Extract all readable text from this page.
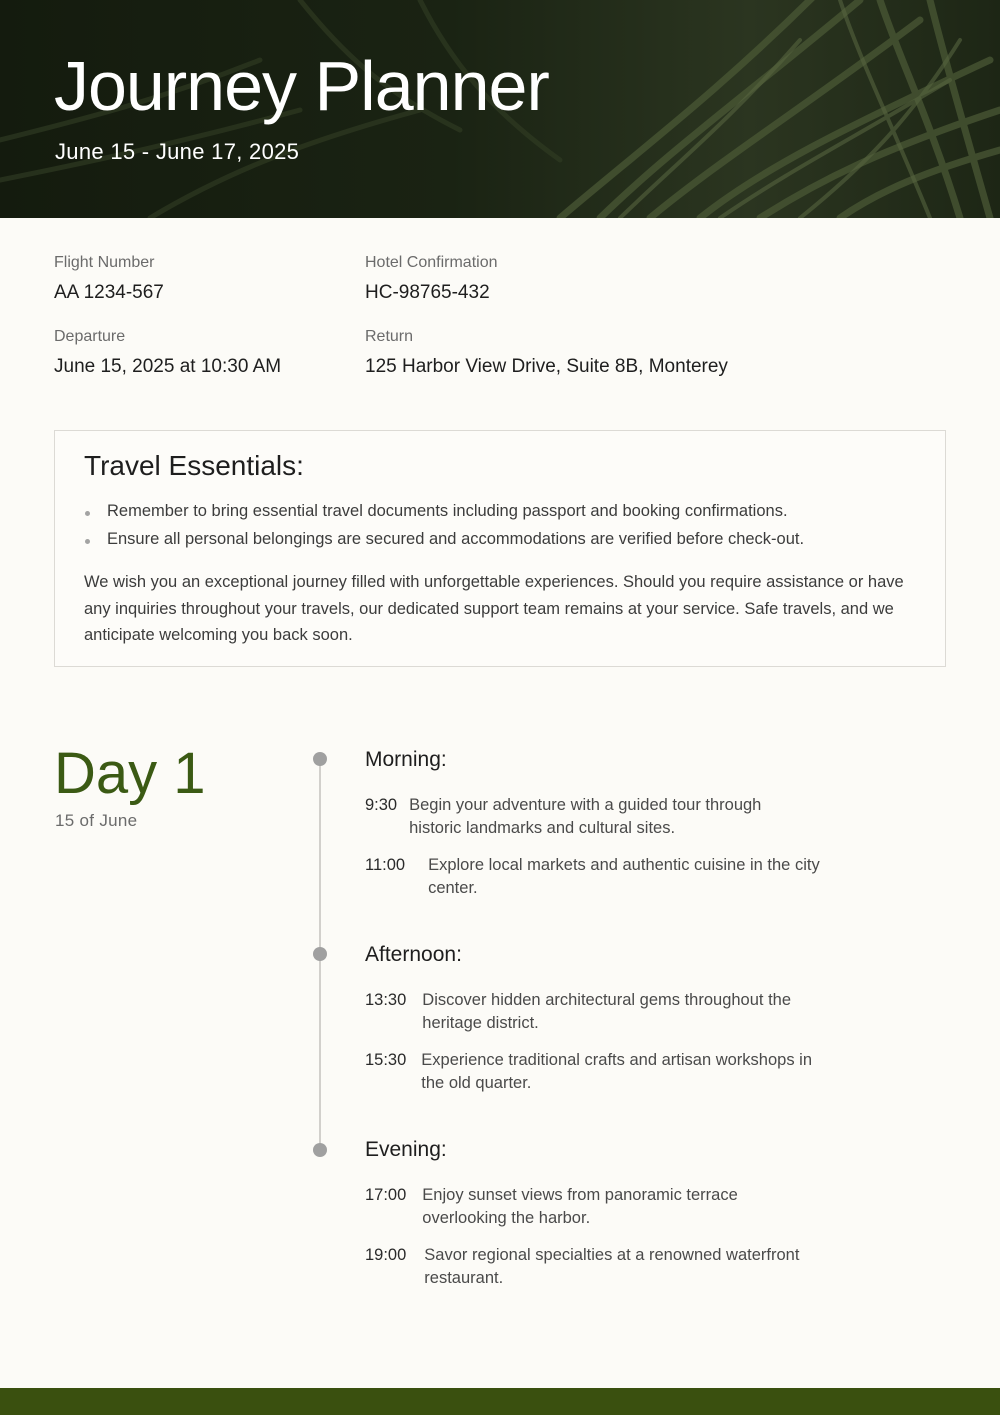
Journey Planner
June 15 - June 17, 2025
Flight Number
AA 1234-567
Hotel Confirmation
HC-98765-432
Departure
June 15, 2025 at 10:30 AM
Return
125 Harbor View Drive, Suite 8B, Monterey
Travel Essentials:
Remember to bring essential travel documents including passport and booking confirmations.
Ensure all personal belongings are secured and accommodations are verified before check-out.
We wish you an exceptional journey filled with unforgettable experiences. Should you require assistance or have any inquiries throughout your travels, our dedicated support team remains at your service. Safe travels, and we anticipate welcoming you back soon.
Day 1
15 of June
Morning:
9:30 Begin your adventure with a guided tour through historic landmarks and cultural sites.
11:00 Explore local markets and authentic cuisine in the city center.
Afternoon:
13:30 Discover hidden architectural gems throughout the heritage district.
15:30 Experience traditional crafts and artisan workshops in the old quarter.
Evening:
17:00 Enjoy sunset views from panoramic terrace overlooking the harbor.
19:00 Savor regional specialties at a renowned waterfront restaurant.
